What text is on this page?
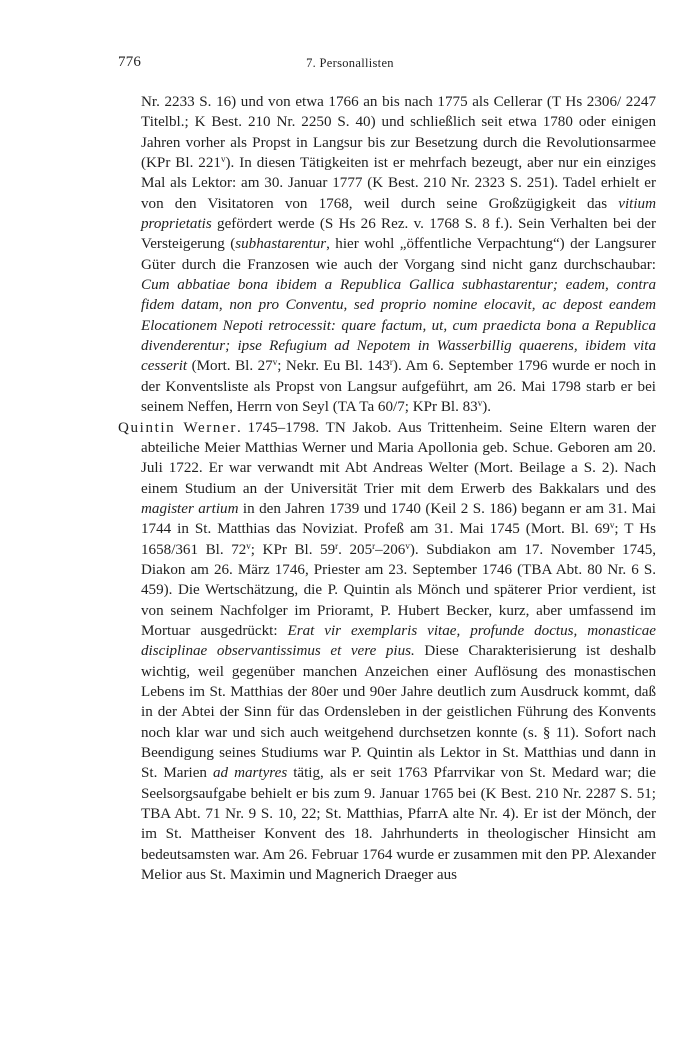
776	7. Personallisten

Nr. 2233 S. 16) und von etwa 1766 an bis nach 1775 als Cellerar (T Hs 2306/ 2247 Titelbl.; K Best. 210 Nr. 2250 S. 40) und schließlich seit etwa 1780 oder einigen Jahren vorher als Propst in Langsur bis zur Besetzung durch die Revolutionsarmee (KPr Bl. 221$^v$). In diesen Tätigkeiten ist er mehrfach bezeugt, aber nur ein einziges Mal als Lektor: am 30. Januar 1777 (K Best. 210 Nr. 2323 S. 251). Tadel erhielt er von den Visitatoren von 1768, weil durch seine Großzügigkeit das vitium proprietatis gefördert werde (S Hs 26 Rez. v. 1768 S. 8 f.). Sein Verhalten bei der Versteigerung (subhastarentur, hier wohl „öffentliche Verpachtung“) der Langsurer Güter durch die Franzosen wie auch der Vorgang sind nicht ganz durchschaubar: Cum abbatiae bona ibidem a Republica Gallica subhastarentur; eadem, contra fidem datam, non pro Conventu, sed proprio nomine elocavit, ac depost eandem Elocationem Nepoti retrocessit: quare factum, ut, cum praedicta bona a Republica divenderentur; ipse Refugium ad Nepotem in Wasserbillig quaerens, ibidem vita cesserit (Mort. Bl. 27$^v$; Nekr. Eu Bl. 143$^r$). Am 6. September 1796 wurde er noch in der Konventsliste als Propst von Langsur aufgeführt, am 26. Mai 1798 starb er bei seinem Neffen, Herrn von Seyl (TA Ta 60/7; KPr Bl. 83$^v$).

Quintin Werner. 1745–1798. TN Jakob. Aus Trittenheim. Seine Eltern waren der abteiliche Meier Matthias Werner und Maria Apollonia geb. Schue. Geboren am 20. Juli 1722. Er war verwandt mit Abt Andreas Welter (Mort. Beilage a S. 2). Nach einem Studium an der Universität Trier mit dem Erwerb des Bakkalars und des magister artium in den Jahren 1739 und 1740 (Keil 2 S. 186) begann er am 31. Mai 1744 in St. Matthias das Noviziat. Profeß am 31. Mai 1745 (Mort. Bl. 69$^v$; T Hs 1658/361 Bl. 72$^v$; KPr Bl. 59$^r$. 205$^r$–206$^v$). Subdiakon am 17. November 1745, Diakon am 26. März 1746, Priester am 23. September 1746 (TBA Abt. 80 Nr. 6 S. 459). Die Wertschätzung, die P. Quintin als Mönch und späterer Prior verdient, ist von seinem Nachfolger im Prioramt, P. Hubert Becker, kurz, aber umfassend im Mortuar ausgedrückt: Erat vir exemplaris vitae, profunde doctus, monasticae disciplinae observantissimus et vere pius. Diese Charakterisierung ist deshalb wichtig, weil gegenüber manchen Anzeichen einer Auflösung des monastischen Lebens im St. Matthias der 80er und 90er Jahre deutlich zum Ausdruck kommt, daß in der Abtei der Sinn für das Ordensleben in der geistlichen Führung des Konvents noch klar war und sich auch weitgehend durchsetzen konnte (s. § 11). Sofort nach Beendigung seines Studiums war P. Quintin als Lektor in St. Matthias und dann in St. Marien ad martyres tätig, als er seit 1763 Pfarrvikar von St. Medard war; die Seelsorgsaufgabe behielt er bis zum 9. Januar 1765 bei (K Best. 210 Nr. 2287 S. 51; TBA Abt. 71 Nr. 9 S. 10, 22; St. Matthias, PfarrA alte Nr. 4). Er ist der Mönch, der im St. Mattheiser Konvent des 18. Jahrhunderts in theologischer Hinsicht am bedeutsamsten war. Am 26. Februar 1764 wurde er zusammen mit den PP. Alexander Melior aus St. Maximin und Magnerich Draeger aus
